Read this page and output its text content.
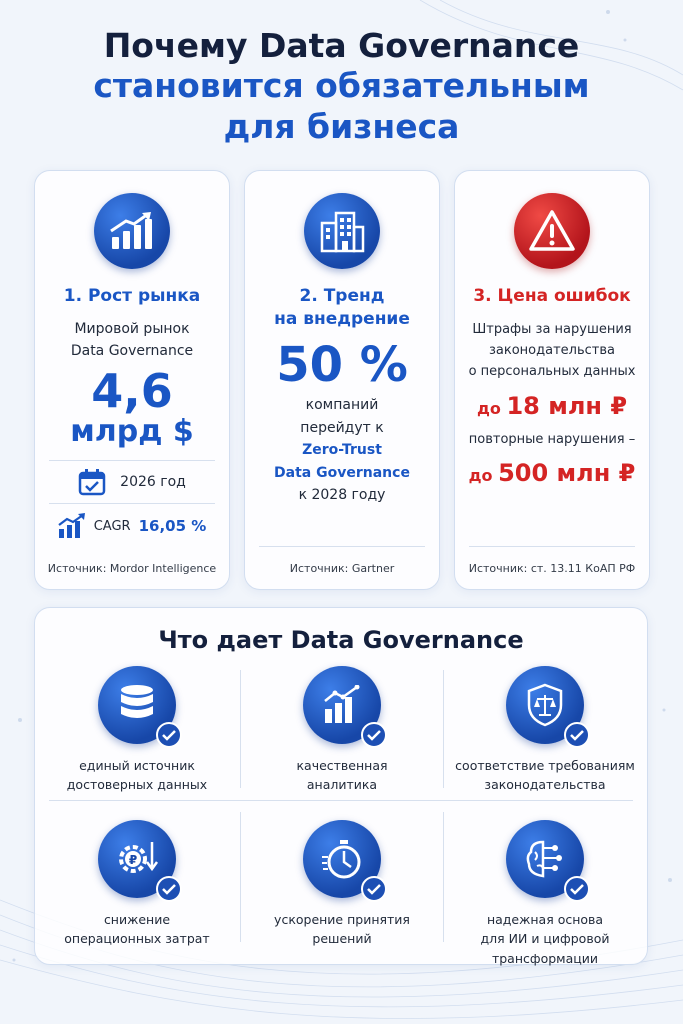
Почему Data Governance
становится обязательным
для бизнеса
1. Рост рынка
Мировой рынок
Data Governance
4,6
млрд $
2026 год
CAGR 16,05 %
Источник: Mordor Intelligence
2. Тренд
на внедрение
50 %
компаний
перейдут к
Zero-Trust
Data Governance
к 2028 году
Источник: Gartner
3. Цена ошибок
Штрафы за нарушения
законодательства
о персональных данных
до 18 млн ₽
повторные нарушения –
до 500 млн ₽
Источник: ст. 13.11 КоАП РФ
Что дает Data Governance
единый источник
достоверных данных
качественная
аналитика
соответствие требованиям
законодательства
₽
снижение
операционных затрат
ускорение принятия
решений
надежная основа
для ИИ и цифровой
трансформации
